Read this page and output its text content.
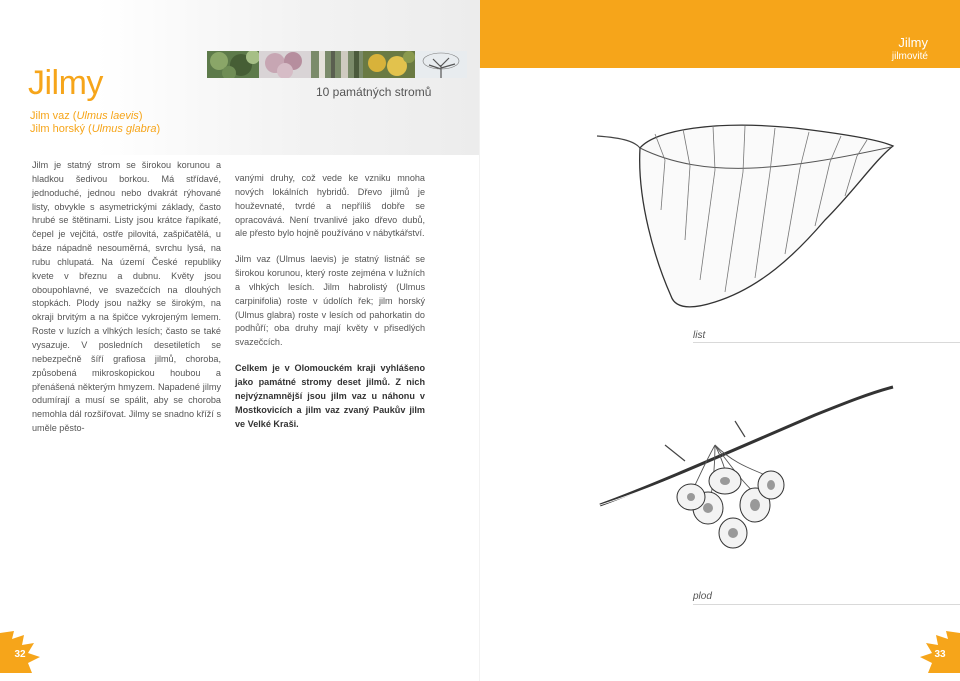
Jilmy
Jilm vaz (Ulmus laevis)
Jilm horský (Ulmus glabra)
10 památných stromů
Jilmy
jilmovité

Jilm je statný strom se širokou korunou a hladkou šedivou borkou. Má střídavé, jednoduché, jednou nebo dvakrát rýhované listy, obvykle s asymetrickými základy, často hrubé se štětinami. Listy jsou krátce řapíkaté, čepel je vejčitá, ostře pilovitá, zašpičatělá, u báze nápadně nesouměrná, svrchu lysá, na rubu chlupatá. Na území České republiky kvete v březnu a dubnu. Květy jsou oboupohlavné, ve svazečcích na dlouhých stopkách. Plody jsou nažky se širokým, na okraji brvitým a na špičce vykrojeným lemem. Roste v luzích a vlhkých lesích; často se také vysazuje. V posledních desetiletích se nebezpečně šíří grafiosa jilmů, choroba, způsobená mikroskopickou houbou a přenášená některým hmyzem. Napadené jilmy odumírají a musí se spálit, aby se choroba nemohla dál rozšiřovat. Jilmy se snadno kříží s umělе pěsto-

vanými druhy, což vede ke vzniku mnoha nových lokálních hybridů. Dřevo jilmů je houževnaté, tvrdé a nepříliš dobře se opracovává. Není trvanlivé jako dřevo dubů, ale přesto bylo hojně používáno v nábytkářství.

Jilm vaz (Ulmus laevis) je statný listnáč se širokou korunou, který roste zejména v lužních a vlhkých lesích. Jilm habrolistý (Ulmus carpinifolia) roste v údolích řek; jilm horský (Ulmus glabra) roste v lesích od pahorkatin do podhůří; oba druhy mají květy v přisedlých svazečcích.

Celkem je v Olomouckém kraji vyhlášeno jako památné stromy deset jilmů. Z nich nejvýznamnější jsou jilm vaz u náhonu v Mostkovicích a jilm vaz zvaný Paukův jilm ve Velké Kraši.

list
plod
32	33
